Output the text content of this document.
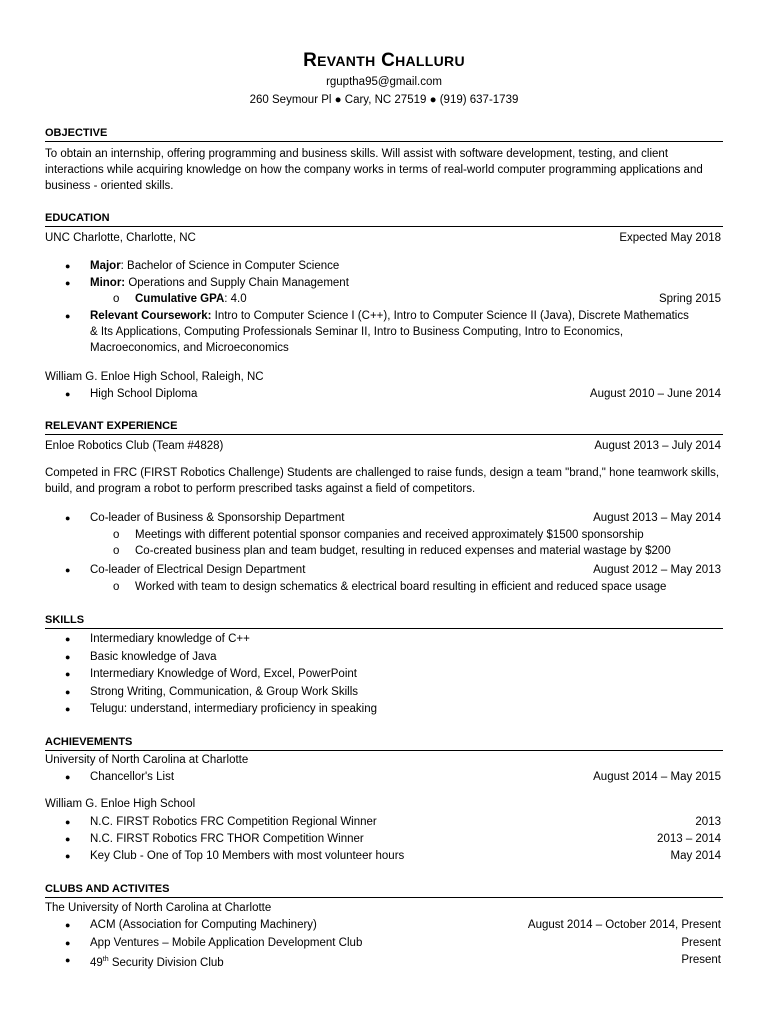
REVANTH CHALLURU
rguptha95@gmail.com
260 Seymour Pl ● Cary, NC 27519 ● (919) 637-1739
OBJECTIVE
To obtain an internship, offering programming and business skills. Will assist with software development, testing, and client interactions while acquiring knowledge on how the company works in terms of real-world computer programming applications and business - oriented skills.
EDUCATION
UNC Charlotte, Charlotte, NC	Expected May 2018
● Major: Bachelor of Science in Computer Science
● Minor: Operations and Supply Chain Management
o Cumulative GPA: 4.0	Spring 2015
● Relevant Coursework: Intro to Computer Science I (C++), Intro to Computer Science II (Java), Discrete Mathematics & Its Applications, Computing Professionals Seminar II, Intro to Business Computing, Intro to Economics, Macroeconomics, and Microeconomics
William G. Enloe High School, Raleigh, NC
● High School Diploma	August 2010 – June 2014
RELEVANT EXPERIENCE
Enloe Robotics Club (Team #4828)	August 2013 – July 2014
Competed in FRC (FIRST Robotics Challenge) Students are challenged to raise funds, design a team "brand," hone teamwork skills, build, and program a robot to perform prescribed tasks against a field of competitors.
● Co-leader of Business & Sponsorship Department	August 2013 – May 2014
o Meetings with different potential sponsor companies and received approximately $1500 sponsorship
o Co-created business plan and team budget, resulting in reduced expenses and material wastage by $200
● Co-leader of Electrical Design Department	August 2012 – May 2013
o Worked with team to design schematics & electrical board resulting in efficient and reduced space usage
SKILLS
● Intermediary knowledge of C++
● Basic knowledge of Java
● Intermediary Knowledge of Word, Excel, PowerPoint
● Strong Writing, Communication, & Group Work Skills
● Telugu: understand, intermediary proficiency in speaking
ACHIEVEMENTS
University of North Carolina at Charlotte
● Chancellor's List	August 2014 – May 2015
William G. Enloe High School
● N.C. FIRST Robotics FRC Competition Regional Winner	2013
● N.C. FIRST Robotics FRC THOR Competition Winner	2013 – 2014
● Key Club - One of Top 10 Members with most volunteer hours	May 2014
CLUBS AND ACTIVITES
The University of North Carolina at Charlotte
● ACM (Association for Computing Machinery)	August 2014 – October 2014, Present
● App Ventures – Mobile Application Development Club	Present
● 49th Security Division Club	Present
